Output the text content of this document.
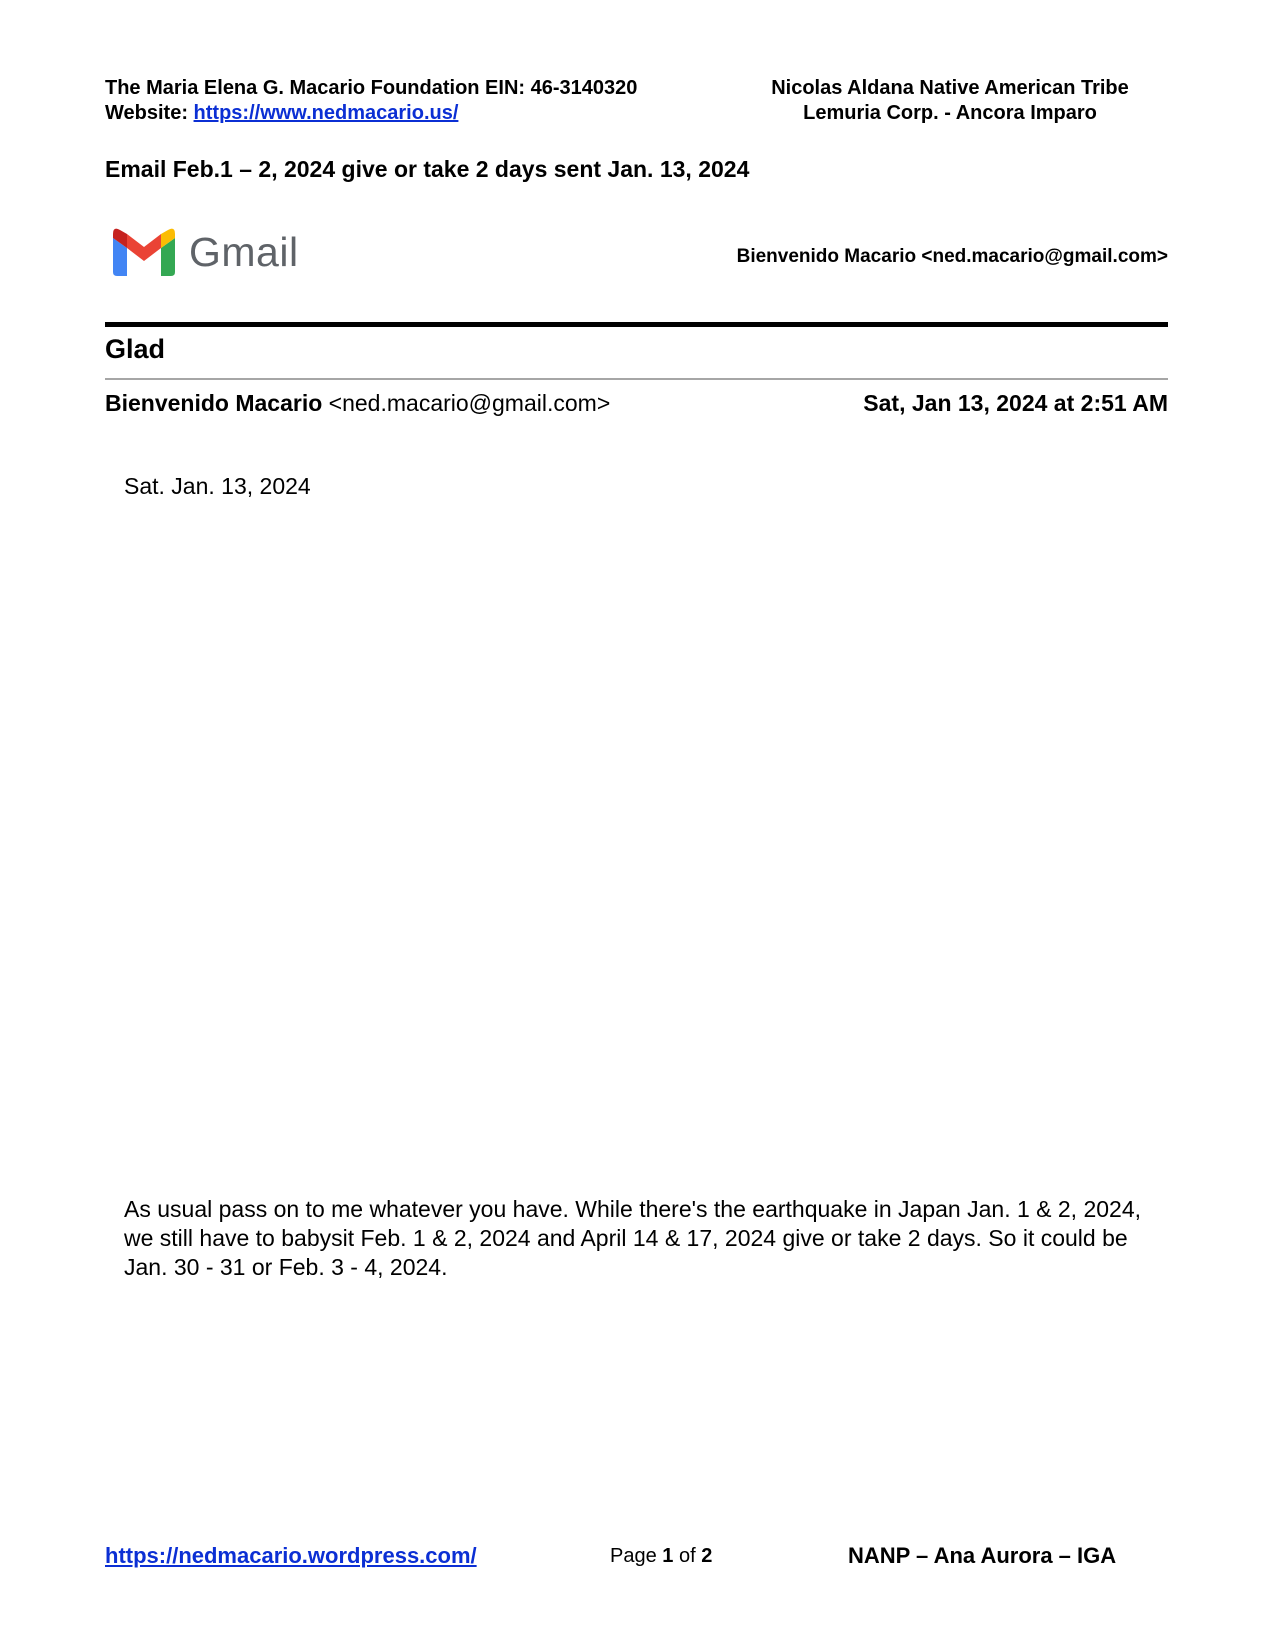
The Maria Elena G. Macario Foundation EIN: 46-3140320
Website: https://www.nedmacario.us/
Nicolas Aldana Native American Tribe
Lemuria Corp. - Ancora Imparo
Email Feb.1 – 2, 2024 give or take 2 days sent Jan. 13, 2024
Gmail	Bienvenido Macario <ned.macario@gmail.com>
Glad
Bienvenido Macario <ned.macario@gmail.com>	Sat, Jan 13, 2024 at 2:51 AM
Sat. Jan. 13, 2024
As usual pass on to me whatever you have. While there's the earthquake in Japan Jan. 1 & 2, 2024, we still have to babysit Feb. 1 & 2, 2024 and April 14 & 17, 2024 give or take 2 days. So it could be Jan. 30 - 31 or Feb. 3 - 4, 2024.
https://nedmacario.wordpress.com/	Page 1 of 2	NANP – Ana Aurora – IGA
